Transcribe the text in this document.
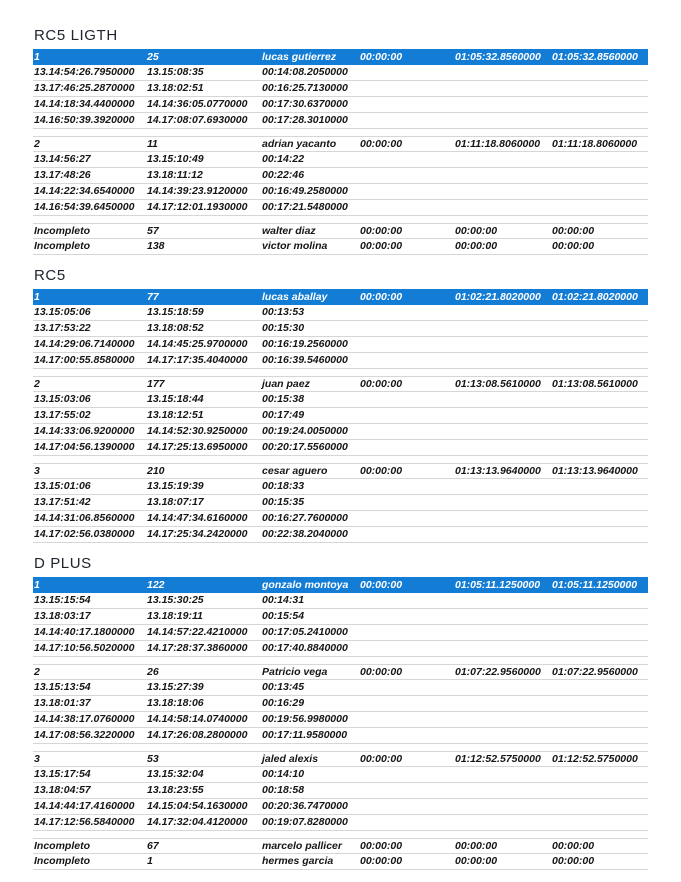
RC5 LIGTH
1	25	lucas gutierrez 00:00:00	01:05:32.8560000 01:05:32.8560000
13.14:54:26.7950000 13.15:08:35	00:14:08.2050000
13.17:46:25.2870000 13.18:02:51	00:16:25.7130000
14.14:18:34.4400000 14.14:36:05.0770000 00:17:30.6370000
14.16:50:39.3920000 14.17:08:07.6930000 00:17:28.3010000
2	11	adrian yacanto 00:00:00	01:11:18.8060000 01:11:18.8060000
13.14:56:27	13.15:10:49	00:14:22
13.17:48:26	13.18:11:12	00:22:46
14.14:22:34.6540000 14.14:39:23.9120000 00:16:49.2580000
14.16:54:39.6450000 14.17:12:01.1930000 00:17:21.5480000
Incompleto	57	walter diaz	00:00:00	00:00:00	00:00:00
Incompleto	138	victor molina	00:00:00	00:00:00	00:00:00
RC5
1	77	lucas aballay	00:00:00	01:02:21.8020000 01:02:21.8020000
13.15:05:06	13.15:18:59	00:13:53
13.17:53:22	13.18:08:52	00:15:30
14.14:29:06.7140000 14.14:45:25.9700000 00:16:19.2560000
14.17:00:55.8580000 14.17:17:35.4040000 00:16:39.5460000
2	177	juan paez	00:00:00	01:13:08.5610000 01:13:08.5610000
13.15:03:06	13.15:18:44	00:15:38
13.17:55:02	13.18:12:51	00:17:49
14.14:33:06.9200000 14.14:52:30.9250000 00:19:24.0050000
14.17:04:56.1390000 14.17:25:13.6950000 00:20:17.5560000
3	210	cesar aguero	00:00:00	01:13:13.9640000 01:13:13.9640000
13.15:01:06	13.15:19:39	00:18:33
13.17:51:42	13.18:07:17	00:15:35
14.14:31:06.8560000 14.14:47:34.6160000 00:16:27.7600000
14.17:02:56.0380000 14.17:25:34.2420000 00:22:38.2040000
D PLUS
1	122	gonzalo montoya 00:00:00	01:05:11.1250000 01:05:11.1250000
13.15:15:54	13.15:30:25	00:14:31
13.18:03:17	13.18:19:11	00:15:54
14.14:40:17.1800000 14.14:57:22.4210000 00:17:05.2410000
14.17:10:56.5020000 14.17:28:37.3860000 00:17:40.8840000
2	26	Patricio vega	00:00:00	01:07:22.9560000 01:07:22.9560000
13.15:13:54	13.15:27:39	00:13:45
13.18:01:37	13.18:18:06	00:16:29
14.14:38:17.0760000 14.14:58:14.0740000 00:19:56.9980000
14.17:08:56.3220000 14.17:26:08.2800000 00:17:11.9580000
3	53	jaled alexis	00:00:00	01:12:52.5750000 01:12:52.5750000
13.15:17:54	13.15:32:04	00:14:10
13.18:04:57	13.18:23:55	00:18:58
14.14:44:17.4160000 14.15:04:54.1630000 00:20:36.7470000
14.17:12:56.5840000 14.17:32:04.4120000 00:19:07.8280000
Incompleto	67	marcelo pallicer 00:00:00	00:00:00	00:00:00
Incompleto	1	hermes garcia	00:00:00	00:00:00	00:00:00
